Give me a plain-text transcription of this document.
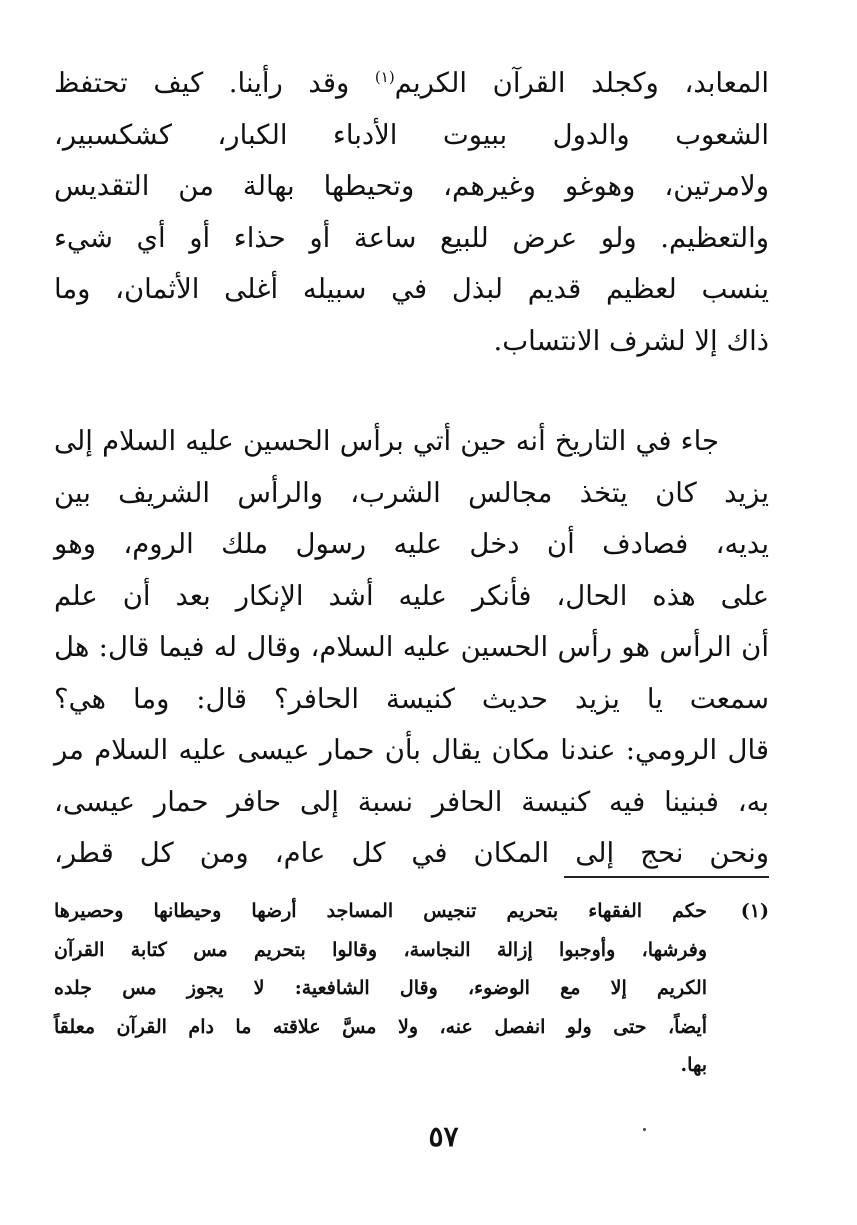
المعابد، وكجلد القرآن الكريم$^{(١)}$ وقد رأينا. كيف تحتفظ
الشعوب والدول ببيوت الأدباء الكبار، كشكسبير،
ولامرتين، وهوغو وغيرهم، وتحيطها بهالة من التقديس
والتعظيم. ولو عرض للبيع ساعة أو حذاء أو أي شيء
ينسب لعظيم قديم لبذل في سبيله أغلى الأثمان، وما
ذاك إلا لشرف الانتساب.
جاء في التاريخ أنه حين أتي برأس الحسين عليه السلام إلى
يزيد كان يتخذ مجالس الشرب، والرأس الشريف بين
يديه، فصادف أن دخل عليه رسول ملك الروم، وهو
على هذه الحال، فأنكر عليه أشد الإنكار بعد أن علم
أن الرأس هو رأس الحسين عليه السلام، وقال له فيما قال: هل
سمعت يا يزيد حديث كنيسة الحافر؟ قال: وما هي؟
قال الرومي: عندنا مكان يقال بأن حمار عيسى عليه السلام مر
به، فبنينا فيه كنيسة الحافر نسبة إلى حافر حمار عيسى،
ونحن نحج إلى المكان في كل عام، ومن كل قطر،
(١)
حكم الفقهاء بتحريم تنجيس المساجد أرضها وحيطانها وحصيرها
وفرشها، وأوجبوا إزالة النجاسة، وقالوا بتحريم مس كتابة القرآن
الكريم إلا مع الوضوء، وقال الشافعية: لا يجوز مس جلده
أيضاً، حتى ولو انفصل عنه، ولا مسَّ علاقته ما دام القرآن معلقاً
بها.
٥٧
